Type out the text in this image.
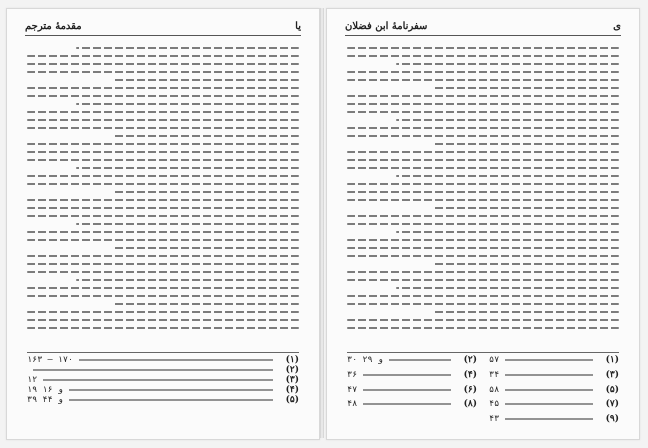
یا
مقدمهٔ مترجم
(۱)
۱۶۳ — ۱۷۰
(۲)
(۳)
۱۲
(۴)
۱۹ و ۱۶
(۵)
۳۹ و ۴۴
ی
سفرنامهٔ ابن فضلان
(۱)
۵۷
(۲)
۳۰ و ۲۹
(۳)
۳۴
(۴)
۳۶
(۵)
۵۸
(۶)
۴۷
(۷)
۴۵
(۸)
۴۸
(۹)
۴۳
